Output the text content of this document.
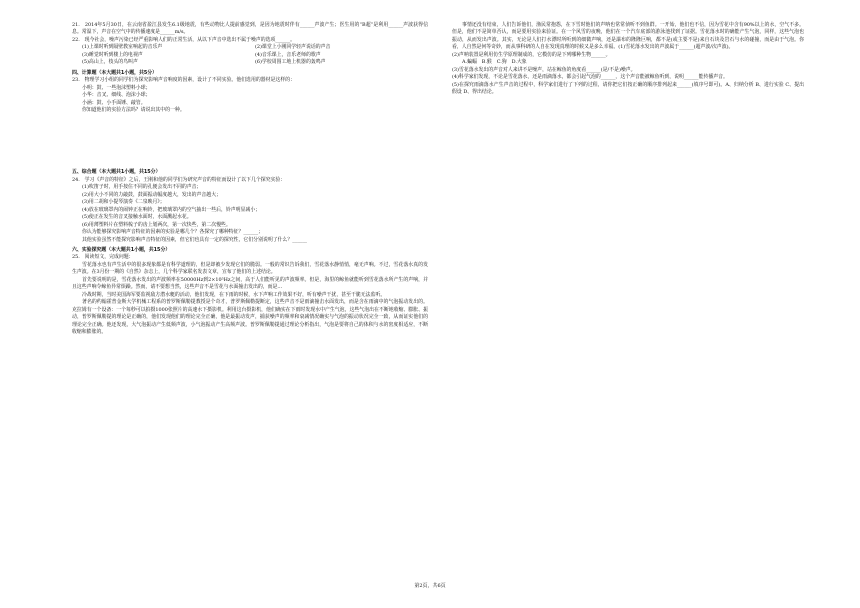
21.　2014年5月30日，在云南省盈江县发生6.1级地震，有些动物比人提前感觉到，是因为地震时伴有______声波产生；医生用的“B超”是利用______声波获得信息。常温下，声音在空气中的传播速度是______m/s。

22.　现今社会，噪声污染已经严重影响人们的正常生活，从以下声音中选出不属于噪声的选项______。

(1)上课时听到隔壁教室响起的音乐声	(2)课堂上小刚同学轻声说话的声音
(3)睡觉时听到楼上的电视声	(4)音乐课上，音乐老师的歌声
(5)高山上，枝头的鸟叫声	(6)学校周围工地上机器的轰鸣声

四、计算题（本大题共1小题，共5分）

23.　物理学习小组的同学们为探究影响声音响度的因素，设计了不同实验。他们选用的器材是这样的：

小明：鼓、一些泡沫塑料小球；

小华：音叉、细线、泡沫小球；

小涵：鼓、小手面锤、敲管。

你知道他们的实验方法吗？请说出其中的一种。

五、综合题（本大题共1小题，共15分）

24.　学习《声音的特征》之后，王刚和他的同学们为研究声音的特征而设计了以下几个探究实验：

(1)吹笛子时，用手按住不同的孔便会发出不同的声音；

(2)用大小不同的力敲鼓，鼓面振动幅度越大，发出的声音越大；

(3)用二胡和小提琴演奏《二泉映月》；

(4)放在玻璃罩内的闹钟正在响铃，把玻璃罩内的空气抽出一些后，铃声明显减小；

(5)使正在发生的音叉接触水面时，水面溅起水花。

(6)用薄塑料片在塑料梳子的齿上划两次，第一次快些，第二次慢些。

你认为能够探究影响声音特征的因素的实验是哪几个？各探究了哪种特征？______；

其他实验虽然不能探究影响声音特征的因素，但它们也具有一定的探究性，它们分别说明了什么？______

六、实验探究题（本大题共1小题，共15分）

25.　阅读短文，完成问题：

雪花落水也有声生活中的很多现象都是有科学道理的，但是却被少发现它们的脆弱。一般的常识告诉我们，雪花落水静悄悄，毫无声响。不过，雪花落水真的发生声波。在3月份一期的《自然》杂志上，几个科学家联名发表文章，宣布了他们的上述结论。

首先要说明的是，雪花落水发出的声波频率在50000Hz到2×10⁵Hz之间，高于人们能听见的声波频率。但是，海里的鲸鱼就能听到雪花落水所产生的声响，并且这些声响令鲸鱼异常烦躁。然而，请不要想当然，这些声音不是雪花与水面撞击发出的，而是...

冷战时期，当时美国海军要监视敌方潜水艇的活动，他们发现，在下雨的时候，水下声响工作效果不好，听有噪声干扰，甚至干脆无法监听。

著名的约翰霍普金斯大学机械工程系的普罗斯佩勒提教授是个奇才，普罗斯佩勒提断定，这些声音不是雨滴撞击水面发出，而是含在雨滴中的气泡振动发出的。克拉姆有一个设备：一个每秒可以拍摄1000张照片的高速水下摄影机。利用这台摄影机，他们确实在下雨时发现水中产生气泡，这些气泡出在不断地收缩、膨胀、振动，普罗斯佩勒提的理论是正确的，他们发现他们的理论完全正确，他是最振动发声，捕获噪声的频率和衰减情况确实与气泡的振动状况完全一致，从而证实他们的理论完全正确。他还发现，大气泡振动产生低频声波，小气泡振动产生高频声波。普罗斯佩勒提通过理论分析指出，气泡是要将自己的体积与水的密度相适应，不断收缩和膨胀的。

事情还没有结束，人们告诉他们，渔民常抱怨，在下雪时他们的声呐也常常侦听不到鱼群。一开始，他们也不信，因为雪花中含有90%以上的水，空气不多。但是，他们不是简单否认，而是要用实验来验证。在一个风雪的夜晚，他们在一个汽车底部的游泳池找到了证据。雪花落水时的确能产生气泡，同样，这些气泡也振动，从而发出声波。其实，无论是人们打水漂时所听到的细微声响，还是瀑布的隆隆巨响，都不是(或主要不是)来自石块及岩石与水的碰撞，而是由于气泡。你看，人自然是何等奇妙，而从事科研的人自在发现真理的时候又是多么幸福。(1)雪花落水发出的声波属于______(超声波/次声波)。

(2)声呐装置是利用仿生学原理制成的，它模仿的是下列哪种生物______。

A.蝙蝠　B.猴　C.狗　D.大象

(3)雪花落水发出的声音对人来讲不是噪声，站在鲸鱼的角度看______(是/不是)噪声。

(4)科学家们发现，不论是雪花落水，还是雨滴落水，都会引起气泡的______，这个声音能被鲸鱼听到，说明______能传播声音。

(5)在探究雨滴落水产生声音的过程中，科学家们进行了下列的过程，请你把它们按正确的顺序排列起来______(填序号即可)。A、归纳分析 B、进行实验 C、提出假设 D、得出结论。

第2页，共6页
